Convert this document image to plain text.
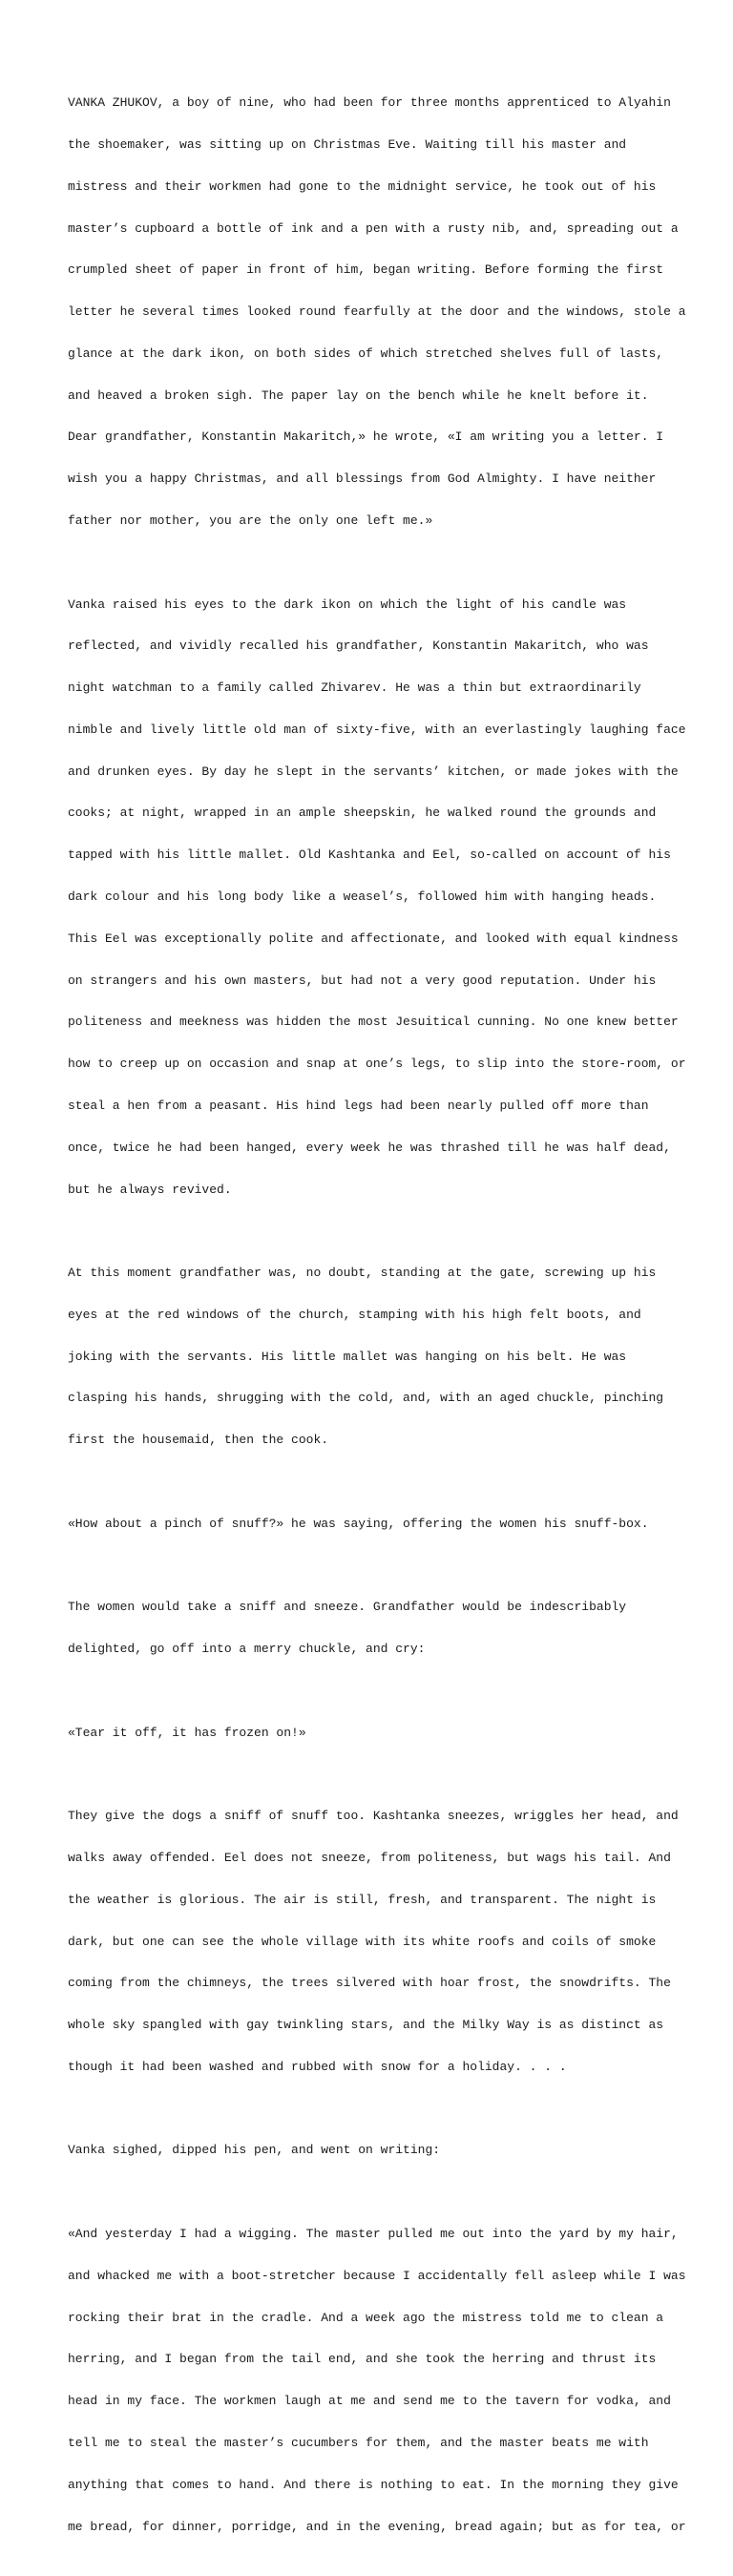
VANKA ZHUKOV, a boy of nine, who had been for three months apprenticed to Alyahin

the shoemaker, was sitting up on Christmas Eve. Waiting till his master and

mistress and their workmen had gone to the midnight service, he took out of his

master’s cupboard a bottle of ink and a pen with a rusty nib, and, spreading out a

crumpled sheet of paper in front of him, began writing. Before forming the first

letter he several times looked round fearfully at the door and the windows, stole a

glance at the dark ikon, on both sides of which stretched shelves full of lasts,

and heaved a broken sigh. The paper lay on the bench while he knelt before it.

Dear grandfather, Konstantin Makaritch,» he wrote, «I am writing you a letter. I

wish you a happy Christmas, and all blessings from God Almighty. I have neither

father nor mother, you are the only one left me.»

Vanka raised his eyes to the dark ikon on which the light of his candle was

reflected, and vividly recalled his grandfather, Konstantin Makaritch, who was

night watchman to a family called Zhivarev. He was a thin but extraordinarily

nimble and lively little old man of sixty-five, with an everlastingly laughing face

and drunken eyes. By day he slept in the servants’ kitchen, or made jokes with the

cooks; at night, wrapped in an ample sheepskin, he walked round the grounds and

tapped with his little mallet. Old Kashtanka and Eel, so-called on account of his

dark colour and his long body like a weasel’s, followed him with hanging heads.

This Eel was exceptionally polite and affectionate, and looked with equal kindness

on strangers and his own masters, but had not a very good reputation. Under his

politeness and meekness was hidden the most Jesuitical cunning. No one knew better

how to creep up on occasion and snap at one’s legs, to slip into the store-room, or

steal a hen from a peasant. His hind legs had been nearly pulled off more than

once, twice he had been hanged, every week he was thrashed till he was half dead,

but he always revived.

At this moment grandfather was, no doubt, standing at the gate, screwing up his

eyes at the red windows of the church, stamping with his high felt boots, and

joking with the servants. His little mallet was hanging on his belt. He was

clasping his hands, shrugging with the cold, and, with an aged chuckle, pinching

first the housemaid, then the cook.

«How about a pinch of snuff?» he was saying, offering the women his snuff-box.

The women would take a sniff and sneeze. Grandfather would be indescribably

delighted, go off into a merry chuckle, and cry:

«Tear it off, it has frozen on!»

They give the dogs a sniff of snuff too. Kashtanka sneezes, wriggles her head, and

walks away offended. Eel does not sneeze, from politeness, but wags his tail. And

the weather is glorious. The air is still, fresh, and transparent. The night is

dark, but one can see the whole village with its white roofs and coils of smoke

coming from the chimneys, the trees silvered with hoar frost, the snowdrifts. The

whole sky spangled with gay twinkling stars, and the Milky Way is as distinct as

though it had been washed and rubbed with snow for a holiday. . . .

Vanka sighed, dipped his pen, and went on writing:

«And yesterday I had a wigging. The master pulled me out into the yard by my hair,

and whacked me with a boot-stretcher because I accidentally fell asleep while I was

rocking their brat in the cradle. And a week ago the mistress told me to clean a

herring, and I began from the tail end, and she took the herring and thrust its

head in my face. The workmen laugh at me and send me to the tavern for vodka, and

tell me to steal the master’s cucumbers for them, and the master beats me with

anything that comes to hand. And there is nothing to eat. In the morning they give

me bread, for dinner, porridge, and in the evening, bread again; but as for tea, or
